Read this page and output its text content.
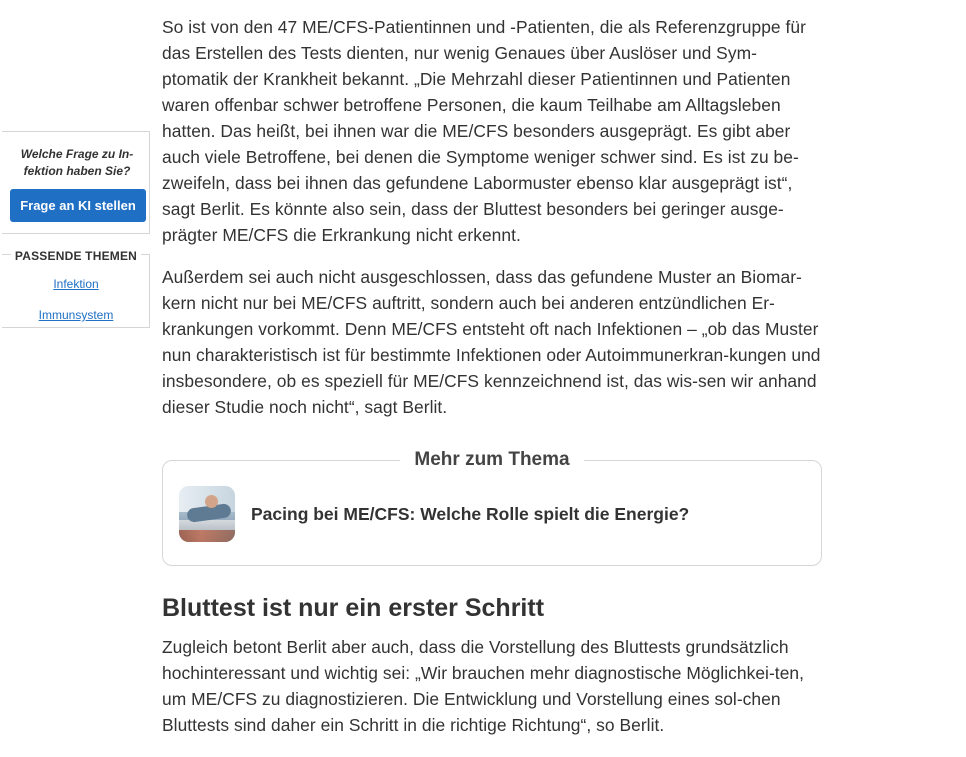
Welche Frage zu In-fektion haben Sie?
Frage an KI stellen
PASSENDE THEMEN
Infektion
Immunsystem

So ist von den 47 ME/CFS-Patientinnen und -Patienten, die als Referenzgruppe für das Erstellen des Tests dienten, nur wenig Genaues über Auslöser und Sym-ptomatik der Krankheit bekannt. „Die Mehrzahl dieser Patientinnen und Patienten waren offenbar schwer betroffene Personen, die kaum Teilhabe am Alltagsleben hatten. Das heißt, bei ihnen war die ME/CFS besonders ausgeprägt. Es gibt aber auch viele Betroffene, bei denen die Symptome weniger schwer sind. Es ist zu be-zweifeln, dass bei ihnen das gefundene Labormuster ebenso klar ausgeprägt ist“, sagt Berlit. Es könnte also sein, dass der Bluttest besonders bei geringer ausge-prägter ME/CFS die Erkrankung nicht erkennt.

Außerdem sei auch nicht ausgeschlossen, dass das gefundene Muster an Biomar-kern nicht nur bei ME/CFS auftritt, sondern auch bei anderen entzündlichen Er-krankungen vorkommt. Denn ME/CFS entsteht oft nach Infektionen – „ob das Muster nun charakteristisch ist für bestimmte Infektionen oder Autoimmunerkran-kungen und insbesondere, ob es speziell für ME/CFS kennzeichnend ist, das wis-sen wir anhand dieser Studie noch nicht“, sagt Berlit.

Mehr zum Thema
Pacing bei ME/CFS: Welche Rolle spielt die Energie?
Bluttest ist nur ein erster Schritt

Zugleich betont Berlit aber auch, dass die Vorstellung des Bluttests grundsätzlich hochinteressant und wichtig sei: „Wir brauchen mehr diagnostische Möglichkei-ten, um ME/CFS zu diagnostizieren. Die Entwicklung und Vorstellung eines sol-chen Bluttests sind daher ein Schritt in die richtige Richtung“, so Berlit.
